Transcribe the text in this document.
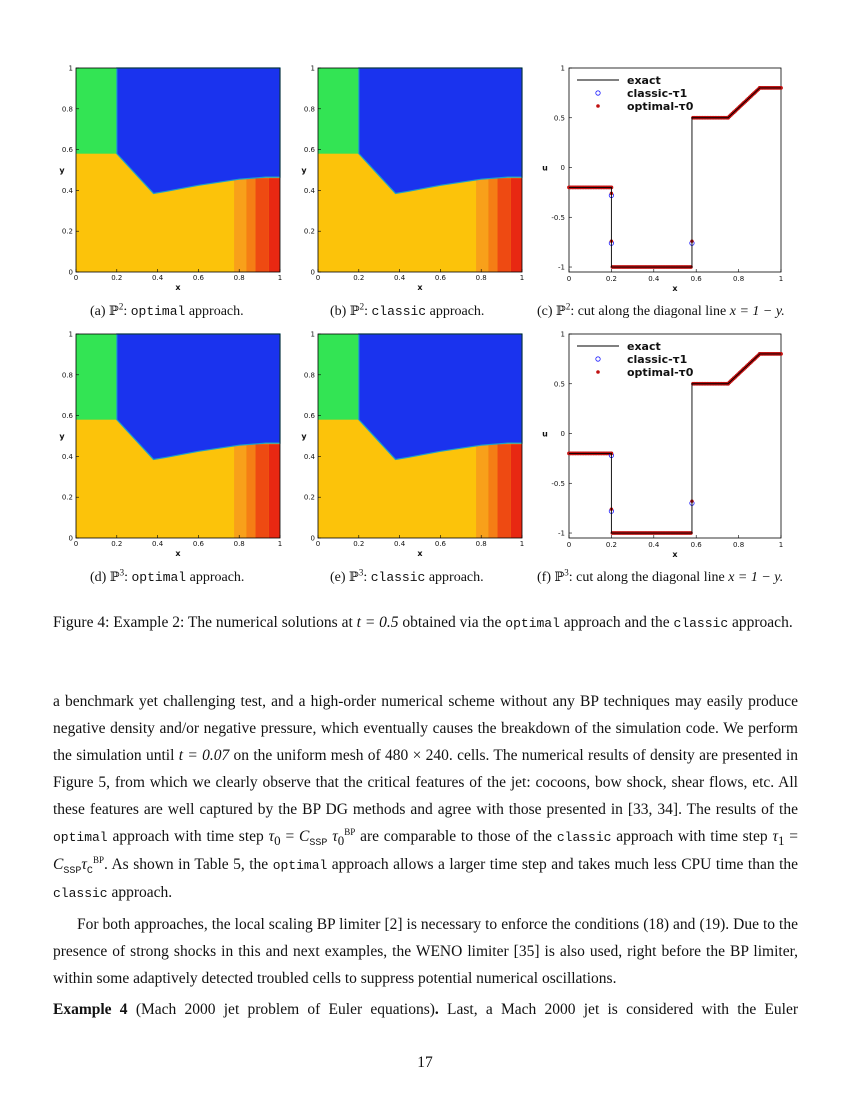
0
0
0.2
0.2
0.4
0.4
0.6
0.6
0.8
0.8
1
1
x
y
0
0
0.2
0.2
0.4
0.4
0.6
0.6
0.8
0.8
1
1
x
y
0	0.2	0.4	0.6	0.8	1
-1
-0.5
0
0.5
1
x
u
exact
classic-τ1
optimal-τ0
0
0
0.2
0.2
0.4
0.4
0.6
0.6
0.8
0.8
1
1
x
y
0
0
0.2
0.2
0.4
0.4
0.6
0.6
0.8
0.8
1
1
x
y
0	0.2	0.4	0.6	0.8	1
-1
-0.5
0
0.5
1
x
u
exact
classic-τ1
optimal-τ0
(a) ℙ$^2$: optimal approach.	(b) ℙ$^2$: classic approach.	(c) ℙ$^2$: cut along the diagonal line x = 1 − y.
(d) ℙ$^3$: optimal approach.	(e) ℙ$^3$: classic approach.	(f) ℙ$^3$: cut along the diagonal line x = 1 − y.
Figure 4: Example 2: The numerical solutions at t = 0.5 obtained via the optimal approach and the classic approach.

a benchmark yet challenging test, and a high-order numerical scheme without any BP techniques may easily produce negative density and/or negative pressure, which eventually causes the breakdown of the simulation code. We perform the simulation until t = 0.07 on the uniform mesh of 480 × 240. cells. The numerical results of density are presented in Figure 5, from which we clearly observe that the critical features of the jet: cocoons, bow shock, shear flows, etc. All these features are well captured by the BP DG methods and agree with those presented in [33, 34]. The results of the optimal approach with time step $\tau_0 = C_{SSP}$ $\tau_0^{BP}$ are comparable to those of the classic approach with time step $\tau_1 = C_{SSP}\tau_C^{BP}$. As shown in Table 5, the optimal approach allows a larger time step and takes much less CPU time than the classic approach.

For both approaches, the local scaling BP limiter [2] is necessary to enforce the conditions (18) and (19). Due to the presence of strong shocks in this and next examples, the WENO limiter [35] is also used, right before the BP limiter, within some adaptively detected troubled cells to suppress potential numerical oscillations.

Example 4 (Mach 2000 jet problem of Euler equations). Last, a Mach 2000 jet is considered with the Euler

17
